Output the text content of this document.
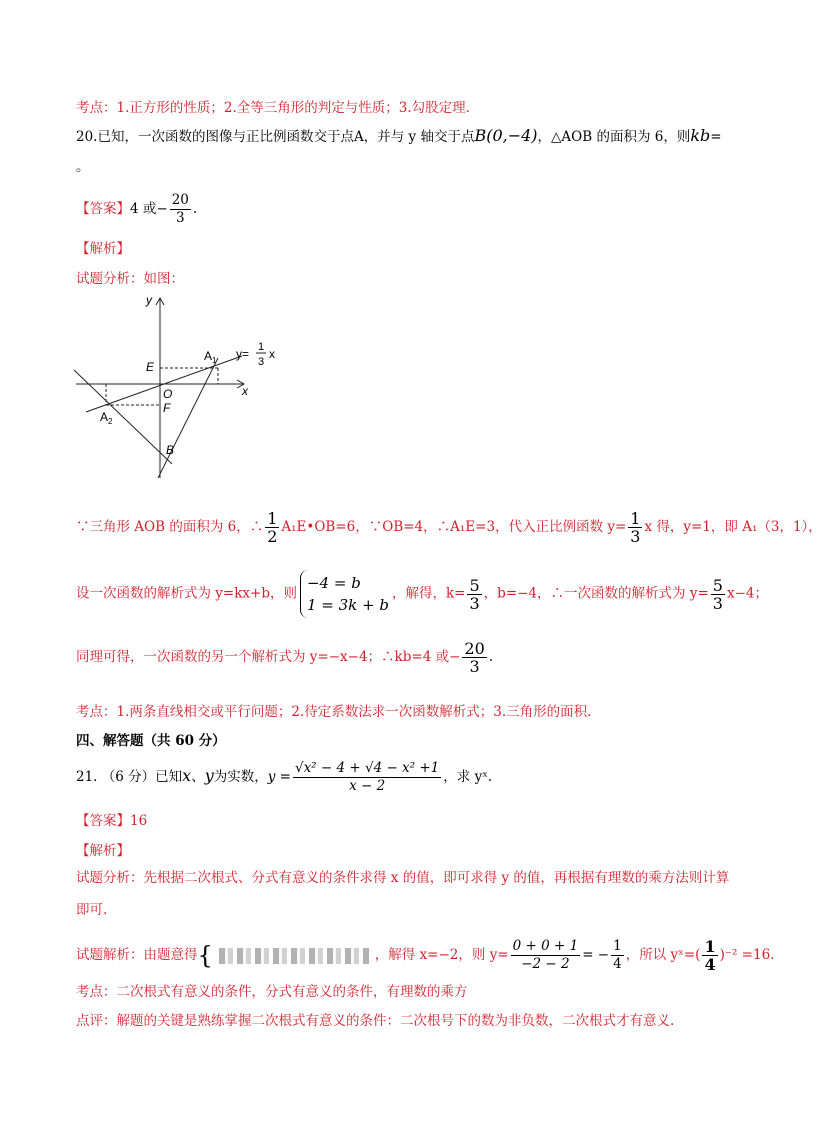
考点：1.正方形的性质；2.全等三角形的判定与性质；3.勾股定理.
20.已知，一次函数的图像与正比例函数交于点A，并与 y 轴交于点B(0,−4)，△AOB 的面积为 6，则kb=
。
【答案】4 或− $\frac{20}{3}$ .
【解析】
试题分析：如图：
y
x
E
O
F
B
A 1
A 2
y= 1
3
x
∵三角形 AOB 的面积为 6，∴ $\frac{1}{2}$ A₁E•OB=6，∵OB=4，∴A₁E=3，代入正比例函数 $y= \frac{1}{3}$ x 得，y=1，即 A₁（3，1），
设一次函数的解析式为 y=kx+b，则
−4 = b
1 = 3k + b
，解得，$k= \frac{5}{3}$ ，b=−4，∴一次函数的解析式为 $y= \frac{5}{3} x-4$；
同理可得，一次函数的另一个解析式为 y=−x−4；∴kb=4 或− $\frac{20}{3}$ .
考点：1.两条直线相交或平行问题；2.待定系数法求一次函数解析式；3.三角形的面积.
四、解答题（共 60 分）
21. （6 分）已知x、y为实数，$y = \frac{\text{√x² − 4 + √4 − x² +1}}{x - 2}$ ，求 yˣ.
【答案】16
【解析】
试题分析：先根据二次根式、分式有意义的条件求得 x 的值，即可求得 y 的值，再根据有理数的乘方法则计算
即可.
试题解析：由题意得{	，解得 x=−2，则 $y= \frac{0 + 0 + 1}{-2 - 2}$ = − $\frac{1}{4}$ ，所以 yˣ=( $\frac{1}{4} )^{-2} =16$.
考点：二次根式有意义的条件，分式有意义的条件，有理数的乘方
点评：解题的关键是熟练掌握二次根式有意义的条件：二次根号下的数为非负数，二次根式才有意义.
